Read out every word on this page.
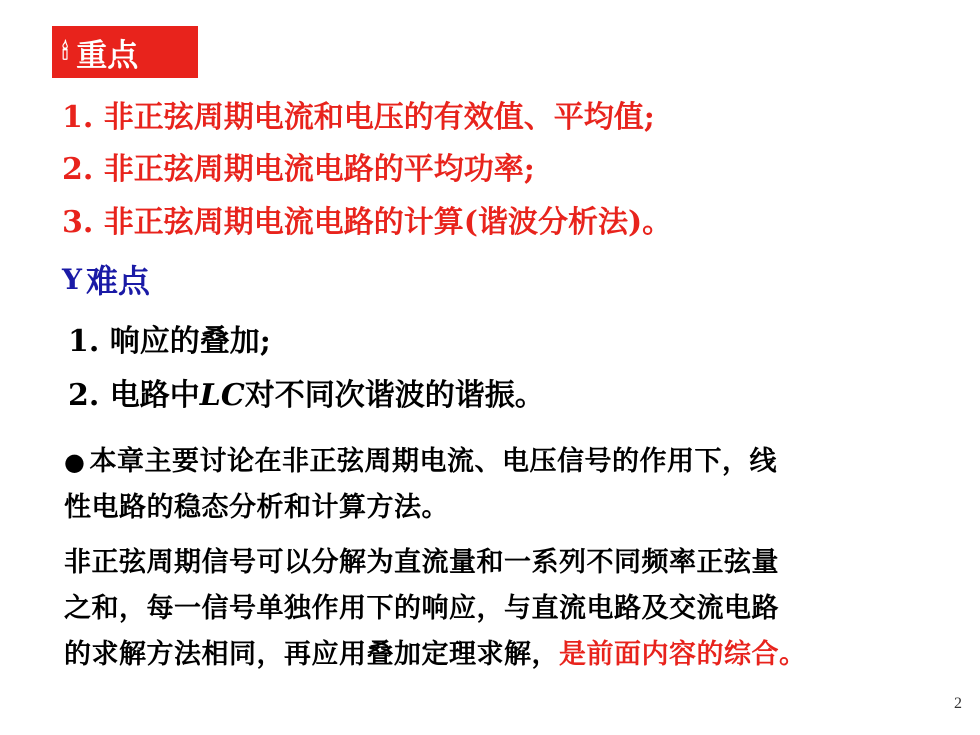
🕯 重点
1. 非正弦周期电流和电压的有效值、平均值;
2. 非正弦周期电流电路的平均功率;
3. 非正弦周期电流电路的计算(谐波分析法)。
Υ 难点
1. 响应的叠加;
2. 电路中LC对不同次谐波的谐振。
● 本章主要讨论在非正弦周期电流、电压信号的作用下，线
性电路的稳态分析和计算方法。
非正弦周期信号可以分解为直流量和一系列不同频率正弦量
之和，每一信号单独作用下的响应，与直流电路及交流电路
的求解方法相同，再应用叠加定理求解，是前面内容的综合。
2
